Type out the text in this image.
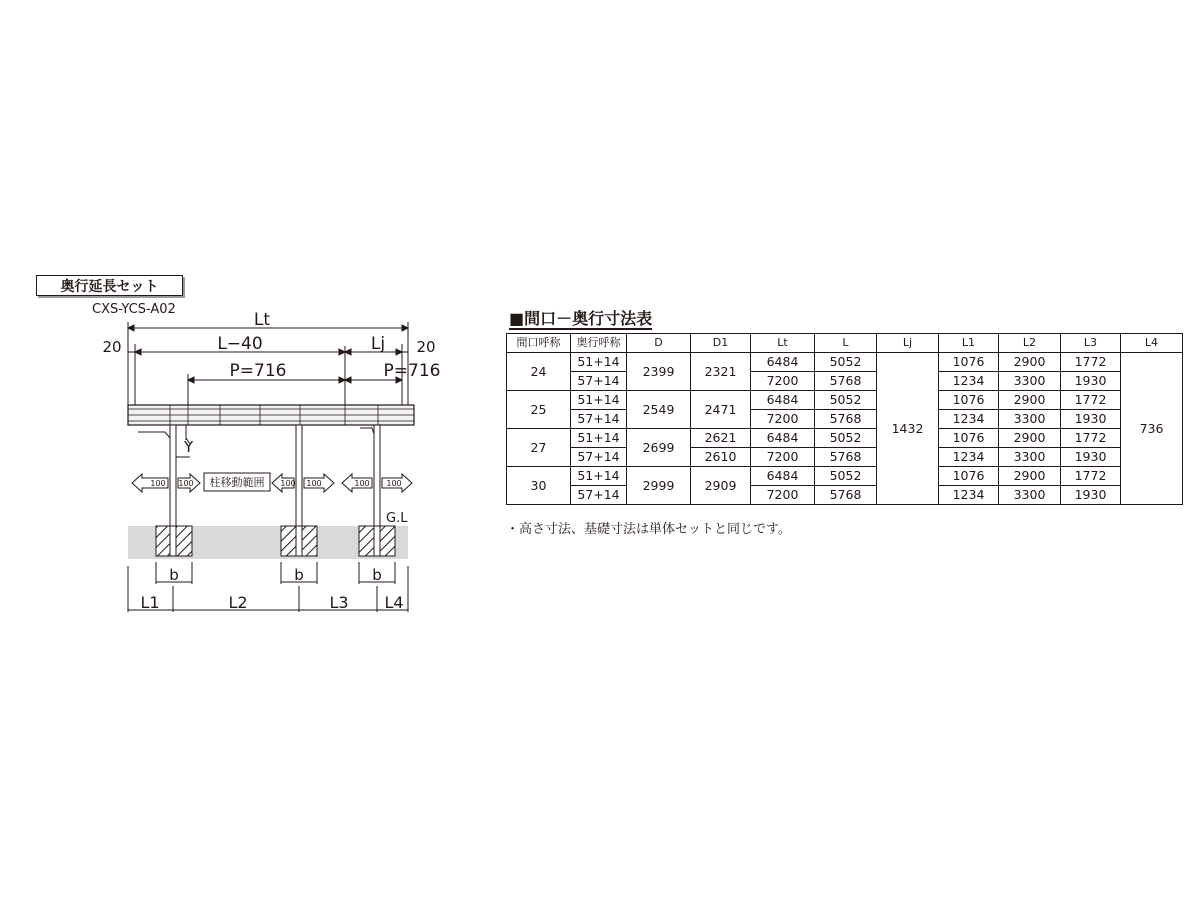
奥行延長セット
CXS-YCS-A02
Lt
20	L−40	Lj 20
P=716	P=716
Y
100 100	100 100	100 100
柱移動範囲
G.L
b	b	b
L1	L2	L3 L4
■間口－奥行寸法表
間口呼称	奥行呼称	D	D1	Lt	L	Lj	L1	L2	L3	L4
24	51+14	2399	2321	6484	5052	1432	1076	2900	1772	736
	57+14			7200	5768		1234	3300	1930	
25	51+14	2549	2471	6484	5052		1076	2900	1772	
	57+14			7200	5768		1234	3300	1930	
27	51+14	2699	2621	6484	5052		1076	2900	1772	
	57+14		2610	7200	5768		1234	3300	1930	
30	51+14	2999	2909	6484	5052		1076	2900	1772	
	57+14			7200	5768		1234	3300	1930	
・高さ寸法、基礎寸法は単体セットと同じです。
